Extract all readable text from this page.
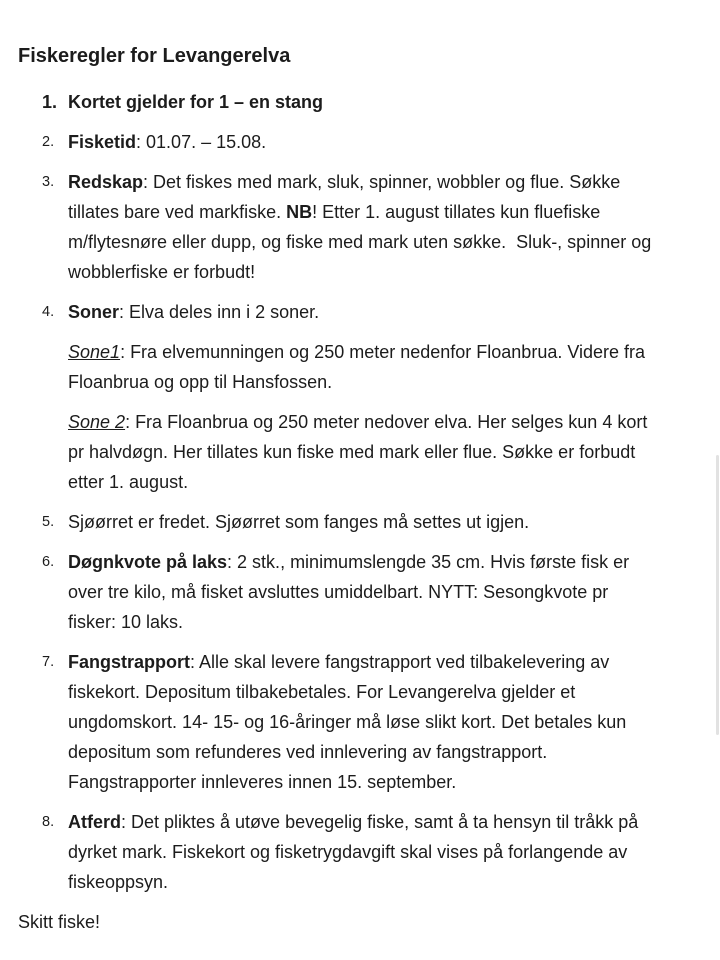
Fiskeregler for Levangerelva
1. Kortet gjelder for 1 – en stang

2. Fisketid: 01.07. – 15.08.

3. Redskap: Det fiskes med mark, sluk, spinner, wobbler og flue. Søkke
tillates bare ved markfiske. NB! Etter 1. august tillates kun fluefiske
m/flytesnøre eller dupp, og fiske med mark uten søkke.  Sluk-, spinner og
wobblerfiske er forbudt!

4. Soner: Elva deles inn i 2 soner.

Sone1: Fra elvemunningen og 250 meter nedenfor Floanbrua. Videre fra
Floanbrua og opp til Hansfossen.

Sone 2: Fra Floanbrua og 250 meter nedover elva. Her selges kun 4 kort
pr halvdøgn. Her tillates kun fiske med mark eller flue. Søkke er forbudt
etter 1. august.

5. Sjøørret er fredet. Sjøørret som fanges må settes ut igjen.

6. Døgnkvote på laks: 2 stk., minimumslengde 35 cm. Hvis første fisk er
over tre kilo, må fisket avsluttes umiddelbart. NYTT: Sesongkvote pr
fisker: 10 laks.

7. Fangstrapport: Alle skal levere fangstrapport ved tilbakelevering av
fiskekort. Depositum tilbakebetales. For Levangerelva gjelder et
ungdomskort. 14- 15- og 16-åringer må løse slikt kort. Det betales kun
depositum som refunderes ved innlevering av fangstrapport.
Fangstrapporter innleveres innen 15. september.

8. Atferd: Det pliktes å utøve bevegelig fiske, samt å ta hensyn til tråkk på
dyrket mark. Fiskekort og fisketrygdavgift skal vises på forlangende av
fiskeoppsyn.

Skitt fiske!
